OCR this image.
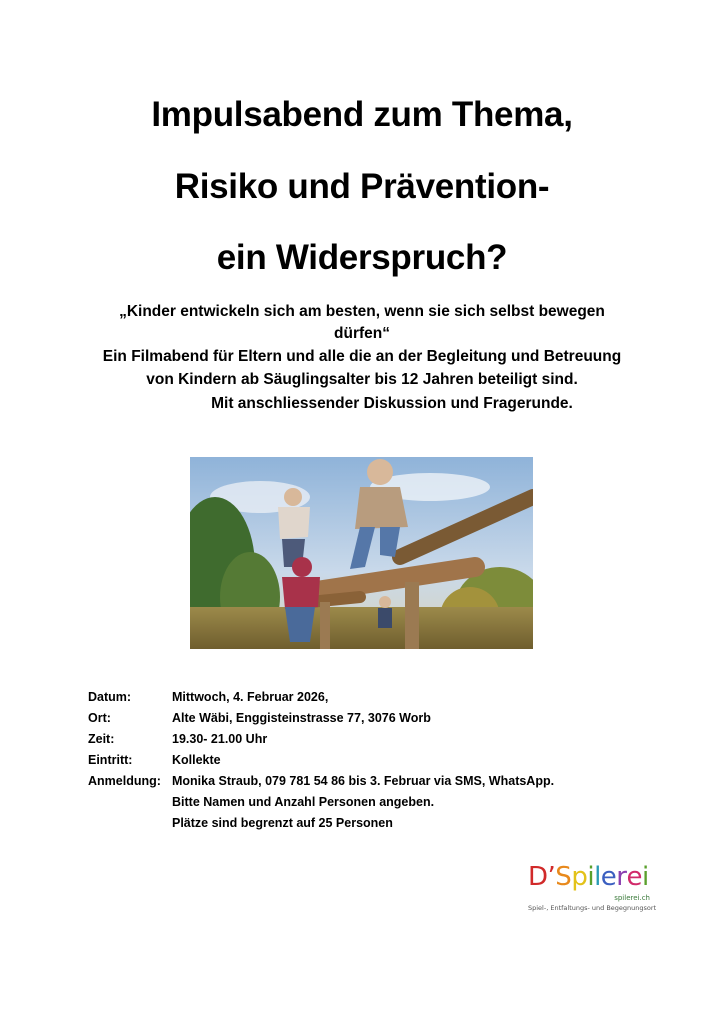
Impulsabend zum Thema,
Risiko und Prävention-
ein Widerspruch?
„Kinder entwickeln sich am besten, wenn sie sich selbst bewegen
dürfen“
Ein Filmabend für Eltern und alle die an der Begleitung und Betreuung
von Kindern ab Säuglingsalter bis 12 Jahren beteiligt sind.
Mit anschliessender Diskussion und Fragerunde.
Datum:	Mittwoch, 4. Februar 2026,
Ort:	Alte Wäbi, Enggisteinstrasse 77, 3076 Worb
Zeit:	19.30- 21.00 Uhr
Eintritt:	Kollekte
Anmeldung: Monika Straub, 079 781 54 86 bis 3. Februar via SMS, WhatsApp.
Bitte Namen und Anzahl Personen angeben.
Plätze sind begrenzt auf 25 Personen
D’Spilerei
spilerei.ch
Spiel-, Entfaltungs- und Begegnungsort
